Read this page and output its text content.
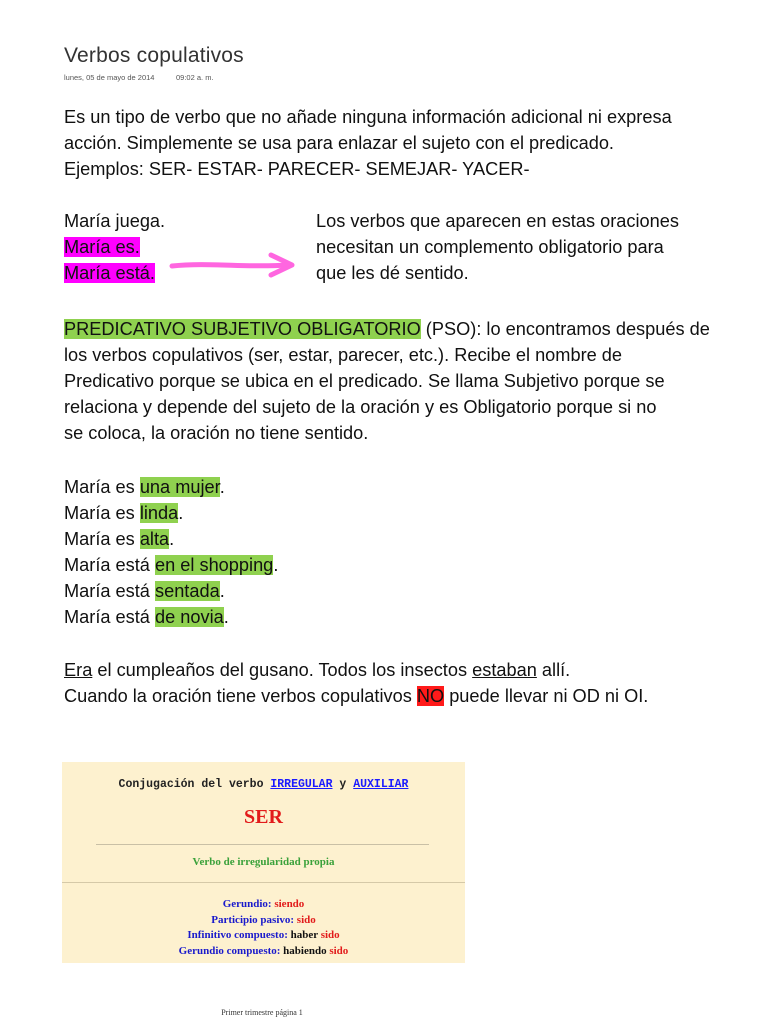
Verbos copulativos
lunes, 05 de mayo de 2014	09:02 a. m.
Es un tipo de verbo que no añade ninguna información adicional ni expresa
acción. Simplemente se usa para enlazar el sujeto con el predicado.
Ejemplos: SER- ESTAR- PARECER- SEMEJAR- YACER-
María juega.
María es.
María está.
Los verbos que aparecen en estas oraciones
necesitan un complemento obligatorio para
que les dé sentido.
PREDICATIVO SUBJETIVO OBLIGATORIO (PSO): lo encontramos después de
los verbos copulativos (ser, estar, parecer, etc.). Recibe el nombre de
Predicativo porque se ubica en el predicado. Se llama Subjetivo porque se
relaciona y depende del sujeto de la oración y es Obligatorio porque si no
se coloca, la oración no tiene sentido.
María es una mujer.
María es linda.
María es alta.
María está en el shopping.
María está sentada.
María está de novia.
Era el cumpleaños del gusano. Todos los insectos estaban allí.
Cuando la oración tiene verbos copulativos NO puede llevar ni OD ni OI.
Conjugación del verbo IRREGULAR y AUXILIAR
SER
Verbo de irregularidad propia
Gerundio: siendo
Participio pasivo: sido
Infinitivo compuesto: haber sido
Gerundio compuesto: habiendo sido
Primer trimestre página 1
